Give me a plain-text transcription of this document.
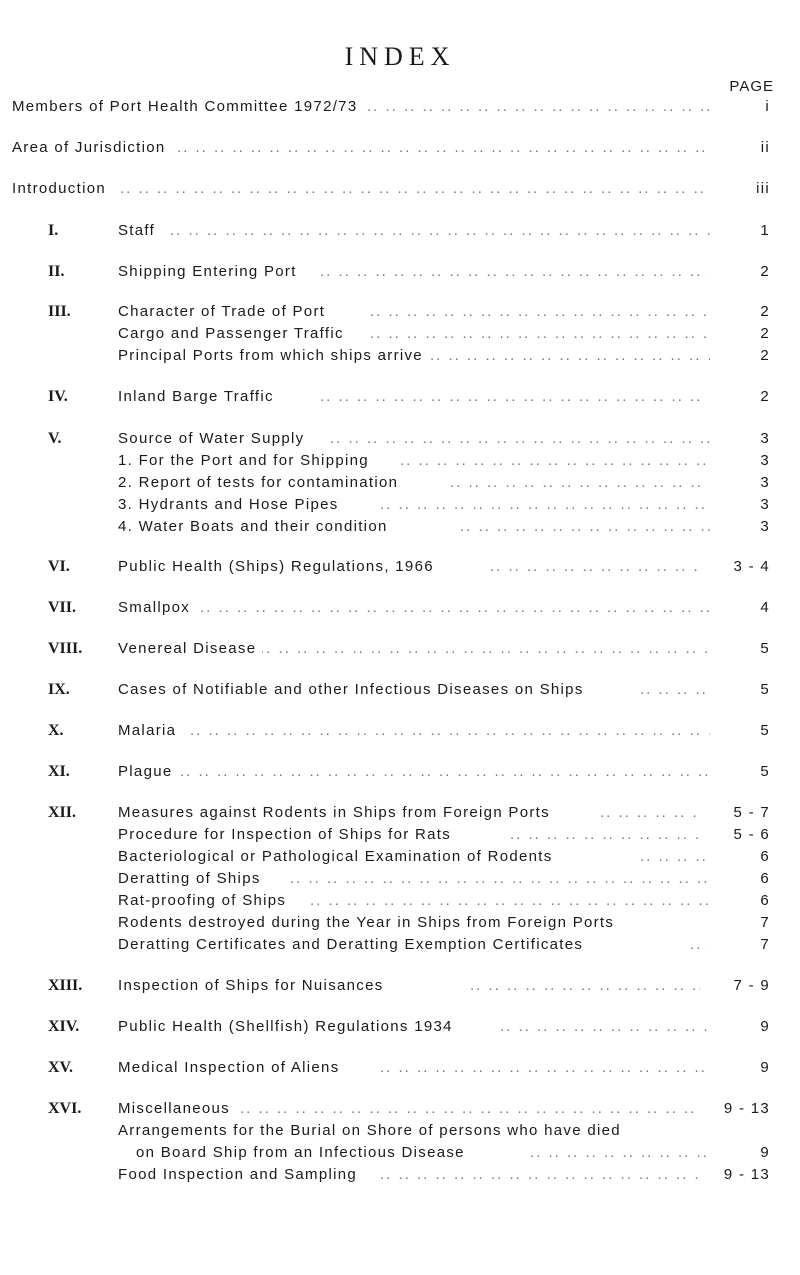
INDEX
PAGE
.. ..
Members of Port Health Committee 1972/73	i
.. ..
Area of Jurisdiction	ii
.. ..
Introduction	iii
I. .. ..	Staff	1
II. .. ..	Shipping Entering Port	2
III. .. ..	Character of Trade of Port	2
.. ..
Cargo and Passenger Traffic	2
.. ..
Principal Ports from which ships arrive	2
IV. .. ..	Inland Barge Traffic	2
V. .. ..	Source of Water Supply	3
.. ..
1. For the Port and for Shipping	3
.. ..
2. Report of tests for contamination	3
.. ..
3. Hydrants and Hose Pipes	3
.. ..
4. Water Boats and their condition	3
VI. .. ..	Public Health (Ships) Regulations, 1966	3 - 4
VII. .. ..	Smallpox	4
VIII. .. .. Venereal Disease	5
IX. .. ..	Cases of Notifiable and other Infectious Diseases on Ships	5
X. .. ..	Malaria	5
XI. .. ..	Plague	5
XII. .. ..	Measures against Rodents in Ships from Foreign Ports	5 - 7
.. ..
Procedure for Inspection of Ships for Rats	5 - 6
.. ..
Bacteriological or Pathological Examination of Rodents	6
.. ..
Deratting of Ships	6
.. ..
Rat-proofing of Ships	6
Rodents destroyed during the Year in Ships from Foreign Ports	7
.. ..
Deratting Certificates and Deratting Exemption Certificates	7
XIII. .. .. Inspection of Ships for Nuisances	7 - 9
XIV. .. ..	Public Health (Shellfish) Regulations 1934	9
XV. .. ..	Medical Inspection of Aliens	9
XVI. .. .. Miscellaneous	9 - 13
Arrangements for the Burial on Shore of persons who have died
.. ..
on Board Ship from an Infectious Disease	9
.. ..
Food Inspection and Sampling	9 - 13
